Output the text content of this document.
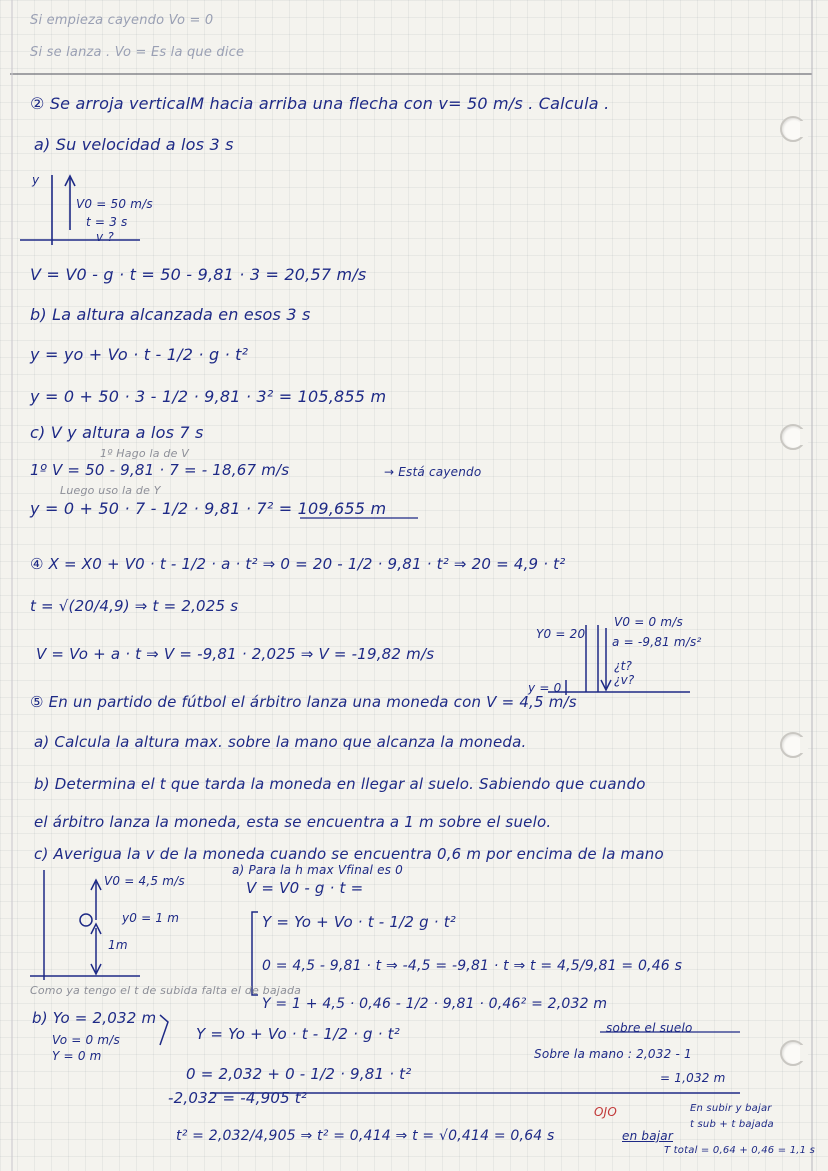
Si empieza cayendo Vo = 0
Si se lanza . Vo = Es la que dice
② Se arroja verticalM hacia arriba una flecha con v= 50 m/s . Calcula .
a) Su velocidad a los 3 s
y
V0 = 50 m/s
t = 3 s
v ?
V = V0 - g · t = 50 - 9,81 · 3 = 20,57 m/s
b) La altura alcanzada en esos 3 s
y = yo + Vo · t - 1/2 · g · t²
y = 0 + 50 · 3 - 1/2 · 9,81 · 3² = 105,855 m
c) V y altura a los 7 s
1º Hago la de V
1º V = 50 - 9,81 · 7 = - 18,67 m/s	→ Está cayendo
Luego uso la de Y
y = 0 + 50 · 7 - 1/2 · 9,81 · 7² = 109,655 m
④ X = X0 + V0 · t - 1/2 · a · t² ⇒ 0 = 20 - 1/2 · 9,81 · t² ⇒ 20 = 4,9 · t²
t = √(20/4,9) ⇒ t = 2,025 s
V = Vo + a · t ⇒ V = -9,81 · 2,025 ⇒ V = -19,82 m/s
Y0 = 20
V0 = 0 m/s
a = -9,81 m/s²
¿t?
¿v?
y = 0
⑤ En un partido de fútbol el árbitro lanza una moneda con V = 4,5 m/s
a) Calcula la altura max. sobre la mano que alcanza la moneda.
b) Determina el t que tarda la moneda en llegar al suelo. Sabiendo que cuando
el árbitro lanza la moneda, esta se encuentra a 1 m sobre el suelo.
c) Averigua la v de la moneda cuando se encuentra 0,6 m por encima de la mano
V0 = 4,5 m/s
y0 = 1 m
1m
Como ya tengo el t de subida falta el de bajada
a) Para la h max Vfinal es 0
V = V0 - g · t =
Y = Yo + Vo · t - 1/2 g · t²
0 = 4,5 - 9,81 · t ⇒ -4,5 = -9,81 · t ⇒ t = 4,5/9,81 = 0,46 s
Y = 1 + 4,5 · 0,46 - 1/2 · 9,81 · 0,46² = 2,032 m
sobre el suelo
Sobre la mano : 2,032 - 1
= 1,032 m
b) Yo = 2,032 m
Vo = 0 m/s
Y = 0 m
Y = Yo + Vo · t - 1/2 · g · t²
0 = 2,032 + 0 - 1/2 · 9,81 · t²
-2,032 = -4,905 t²
t² = 2,032/4,905 ⇒ t² = 0,414 ⇒ t = √0,414 = 0,64 s	en bajar
OJO	En subir y bajar
t sub + t bajada
T total = 0,64 + 0,46 = 1,1 s
